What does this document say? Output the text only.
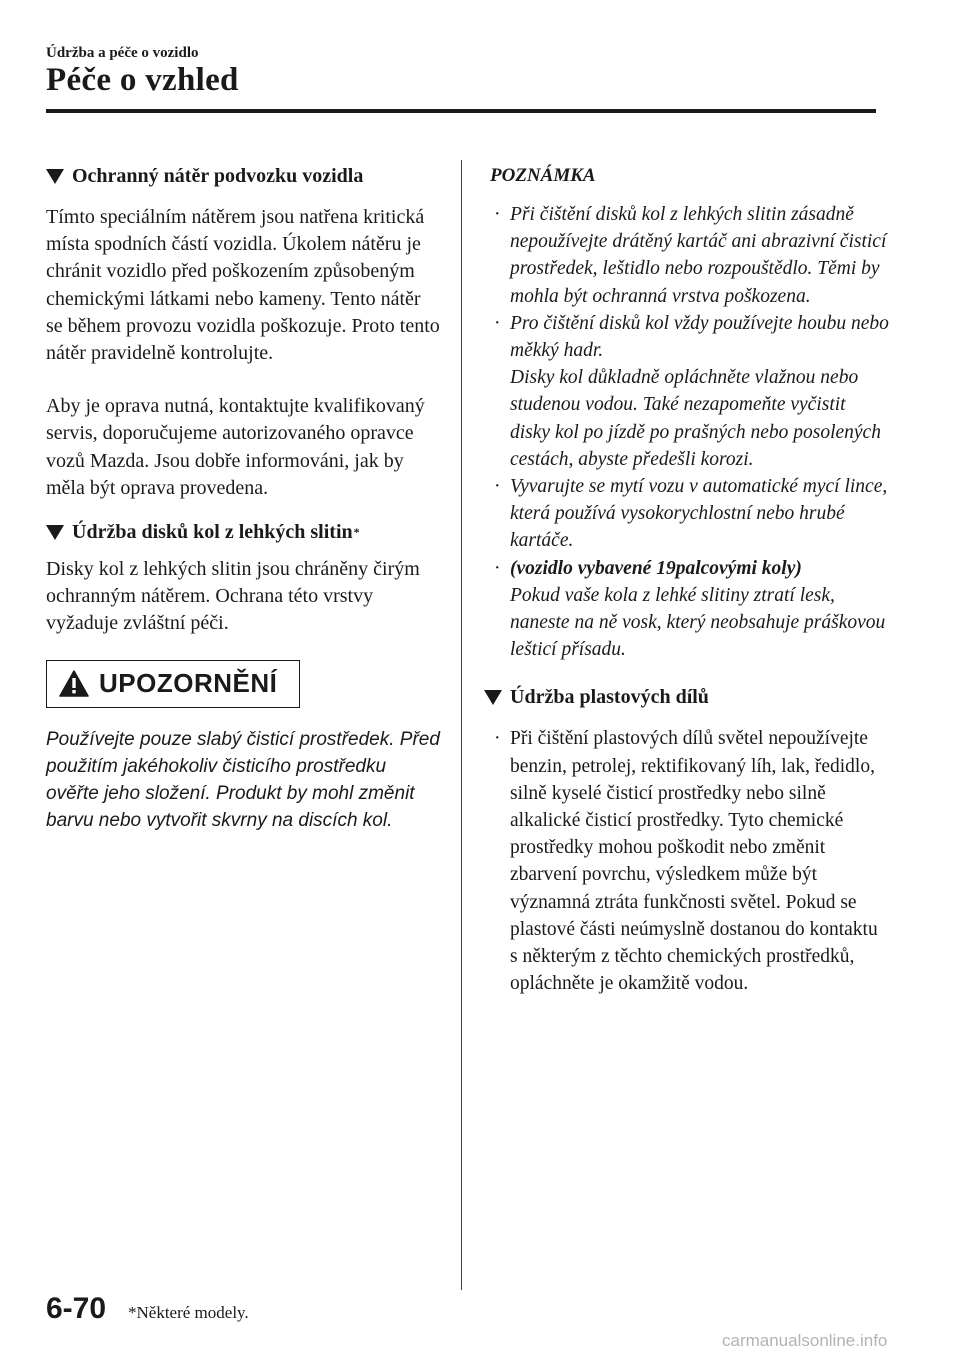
Údržba a péče o vozidlo
Péče o vzhled
Ochranný nátěr podvozku vozidla

Tímto speciálním nátěrem jsou natřena kritická místa spodních částí vozidla. Úkolem nátěru je chránit vozidlo před poškozením způsobeným chemickými látkami nebo kameny. Tento nátěr se během provozu vozidla poškozuje. Proto tento nátěr pravidelně kontrolujte.

Aby je oprava nutná, kontaktujte kvalifikovaný servis, doporučujeme autorizovaného opravce vozů Mazda. Jsou dobře informováni, jak by měla být oprava provedena.

Údržba disků kol z lehkých slitin *

Disky kol z lehkých slitin jsou chráněny čirým ochranným nátěrem. Ochrana této vrstvy vyžaduje zvláštní péči.

UPOZORNĚNÍ

Používejte pouze slabý čisticí prostředek. Před použitím jakéhokoliv čisticího prostředku ověřte jeho složení. Produkt by mohl změnit barvu nebo vytvořit skvrny na discích kol.

POZNÁMKA
· Při čištění disků kol z lehkých slitin zásadně nepoužívejte drátěný kartáč ani abrazivní čisticí prostředek, leštidlo nebo rozpouštědlo. Těmi by mohla být ochranná vrstva poškozena.
· Pro čištění disků kol vždy používejte houbu nebo měkký hadr.
Disky kol důkladně opláchněte vlažnou nebo studenou vodou. Také nezapomeňte vyčistit disky kol po jízdě po prašných nebo posolených cestách, abyste předešli korozi.
· Vyvarujte se mytí vozu v automatické mycí lince, která používá vysokorychlostní nebo hrubé kartáče.
· (vozidlo vybavené 19palcovými koly)
Pokud vaše kola z lehké slitiny ztratí lesk, naneste na ně vosk, který neobsahuje práškovou lešticí přísadu.
Údržba plastových dílů
· Při čištění plastových dílů světel nepoužívejte benzin, petrolej, rektifikovaný líh, lak, ředidlo, silně kyselé čisticí prostředky nebo silně alkalické čisticí prostředky. Tyto chemické prostředky mohou poškodit nebo změnit zbarvení povrchu, výsledkem může být významná ztráta funkčnosti světel. Pokud se plastové části neúmyslně dostanou do kontaktu s některým z těchto chemických prostředků, opláchněte je okamžitě vodou.
6-70 *Některé modely.
carmanualsonline.info
